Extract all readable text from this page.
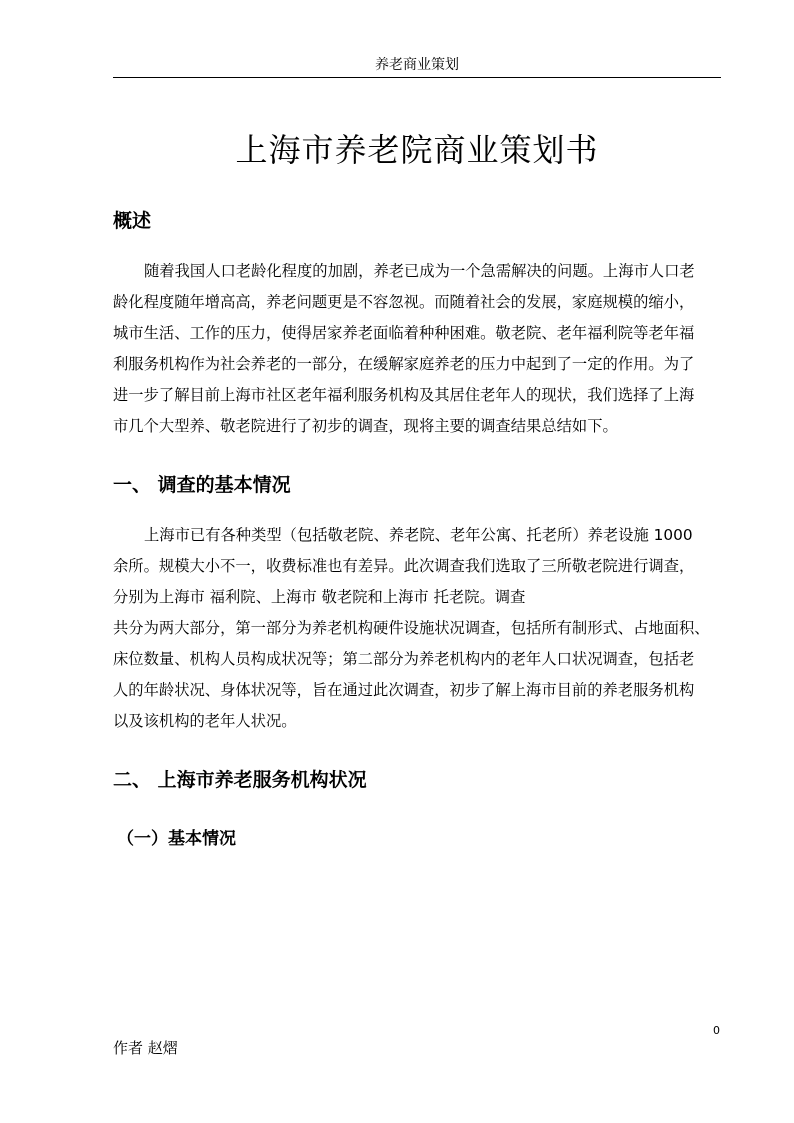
养老商业策划
上海市养老院商业策划书
概述
随着我国人口老龄化程度的加剧，养老已成为一个急需解决的问题。上海市人口老
龄化程度随年增高高，养老问题更是不容忽视。而随着社会的发展，家庭规模的缩小，
城市生活、工作的压力，使得居家养老面临着种种困难。敬老院、老年福利院等老年福
利服务机构作为社会养老的一部分，在缓解家庭养老的压力中起到了一定的作用。为了
进一步了解目前上海市社区老年福利服务机构及其居住老年人的现状，我们选择了上海
市几个大型养、敬老院进行了初步的调查，现将主要的调查结果总结如下。
一、 调查的基本情况
上海市已有各种类型（包括敬老院、养老院、老年公寓、托老所）养老设施 1000
余所。规模大小不一，收费标准也有差异。此次调查我们选取了三所敬老院进行调查，
分别为上海市 福利院、上海市 敬老院和上海市 托老院。调查
共分为两大部分，第一部分为养老机构硬件设施状况调查，包括所有制形式、占地面积、
床位数量、机构人员构成状况等；第二部分为养老机构内的老年人口状况调查，包括老
人的年龄状况、身体状况等，旨在通过此次调查，初步了解上海市目前的养老服务机构
以及该机构的老年人状况。
二、 上海市养老服务机构状况
（一）基本情况
0
作者 赵熠
